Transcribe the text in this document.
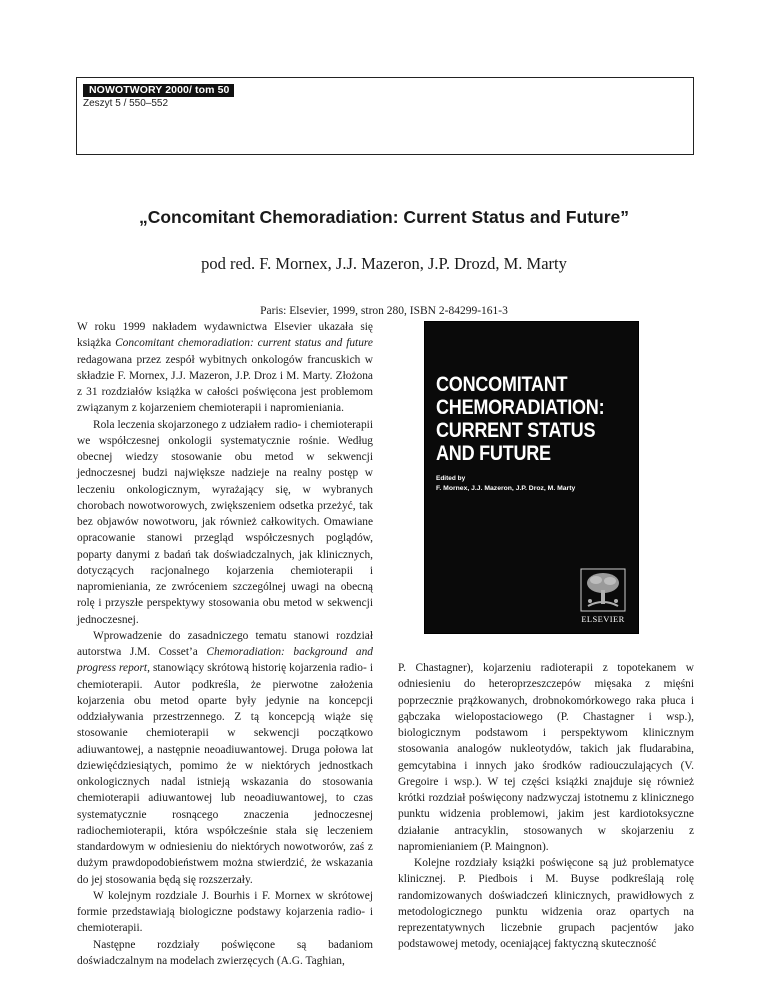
NOWOTWORY 2000/ tom 50
Zeszyt 5 / 550–552
„Concomitant Chemoradiation: Current Status and Future”
pod red. F. Mornex, J.J. Mazeron, J.P. Drozd, M. Marty
Paris: Elsevier, 1999, stron 280, ISBN 2-84299-161-3

W roku 1999 nakładem wydawnictwa Elsevier ukazała się książka Concomitant chemoradiation: current status and future redagowana przez zespół wybitnych onkologów francuskich w składzie F. Mornex, J.J. Mazeron, J.P. Droz i M. Marty. Złożona z 31 rozdziałów książka w całości poświęcona jest problemom związanym z kojarzeniem chemioterapii i napromieniania.

Rola leczenia skojarzonego z udziałem radio- i chemioterapii we współczesnej onkologii systematycznie rośnie. Według obecnej wiedzy stosowanie obu metod w sekwencji jednoczesnej budzi największe nadzieje na realny postęp w leczeniu onkologicznym, wyrażający się, w wybranych chorobach nowotworowych, zwiększeniem odsetka przeżyć, tak bez objawów nowotworu, jak również całkowitych. Omawiane opracowanie stanowi przegląd współczesnych poglądów, poparty danymi z badań tak doświadczalnych, jak klinicznych, dotyczących racjonalnego kojarzenia chemioterapii i napromieniania, ze zwróceniem szczególnej uwagi na obecną rolę i przyszłe perspektywy stosowania obu metod w sekwencji jednoczesnej.

Wprowadzenie do zasadniczego tematu stanowi rozdział autorstwa J.M. Cosset’a Chemoradiation: background and progress report, stanowiący skrótową historię kojarzenia radio- i chemioterapii. Autor podkreśla, że pierwotne założenia kojarzenia obu metod oparte były jedynie na koncepcji oddziaływania przestrzennego. Z tą koncepcją wiąże się stosowanie chemioterapii w sekwencji początkowo adiuwantowej, a następnie neoadiuwantowej. Druga połowa lat dziewięćdziesiątych, pomimo że w niektórych jednostkach onkologicznych nadal istnieją wskazania do stosowania chemioterapii adiuwantowej lub neoadiuwantowej, to czas systematycznie rosnącego znaczenia jednoczesnej radiochemioterapii, która współcześnie stała się leczeniem standardowym w odniesieniu do niektórych nowotworów, zaś z dużym prawdopodobieństwem można stwierdzić, że wskazania do jej stosowania będą się rozszerzały.

W kolejnym rozdziale J. Bourhis i F. Mornex w skrótowej formie przedstawiają biologiczne podstawy kojarzenia radio- i chemioterapii.

Następne rozdziały poświęcone są badaniom doświadczalnym na modelach zwierzęcych (A.G. Taghian,

CONCOMITANT
CHEMORADIATION:
CURRENT STATUS
AND FUTURE
Edited by
F. Mornex, J.J. Mazeron, J.P. Droz, M. Marty
ELSEVIER

P. Chastagner), kojarzeniu radioterapii z topotekanem w odniesieniu do heteroprzeszczepów mięsaka z mięśni poprzecznie prążkowanych, drobnokomórkowego raka płuca i gąbczaka wielopostaciowego (P. Chastagner i wsp.), biologicznym podstawom i perspektywom klinicznym stosowania analogów nukleotydów, takich jak fludarabina, gemcytabina i innych jako środków radiouczulających (V. Gregoire i wsp.). W tej części książki znajduje się również krótki rozdział poświęcony nadzwyczaj istotnemu z klinicznego punktu widzenia problemowi, jakim jest kardiotoksyczne działanie antracyklin, stosowanych w skojarzeniu z napromienianiem (P. Maingnon).

Kolejne rozdziały książki poświęcone są już problematyce klinicznej. P. Piedbois i M. Buyse podkreślają rolę randomizowanych doświadczeń klinicznych, prawidłowych z metodologicznego punktu widzenia oraz opartych na reprezentatywnych liczebnie grupach pacjentów jako podstawowej metody, oceniającej faktyczną skuteczność
